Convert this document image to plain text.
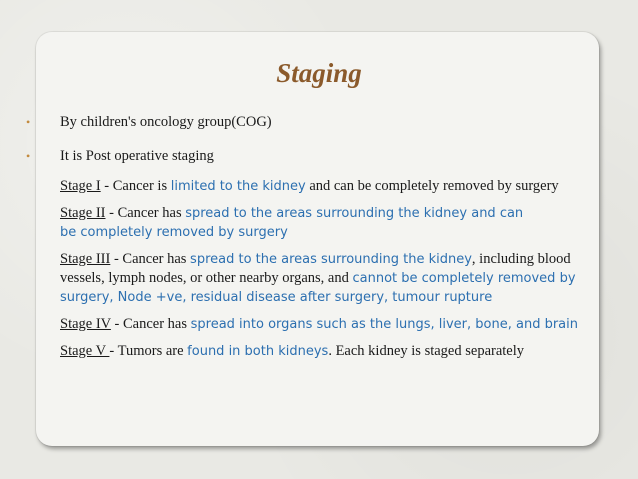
Staging
• By children's oncology group(COG)
• It is Post operative staging
Stage I - Cancer is limited to the kidney and can be completely removed by surgery
Stage II - Cancer has spread to the areas surrounding the kidney and can be completely removed by surgery
Stage III - Cancer has spread to the areas surrounding the kidney, including blood vessels, lymph nodes, or other nearby organs, and cannot be completely removed by surgery, Node +ve, residual disease after surgery, tumour rupture
Stage IV - Cancer has spread into organs such as the lungs, liver, bone, and brain
Stage V - Tumors are found in both kidneys. Each kidney is staged separately
